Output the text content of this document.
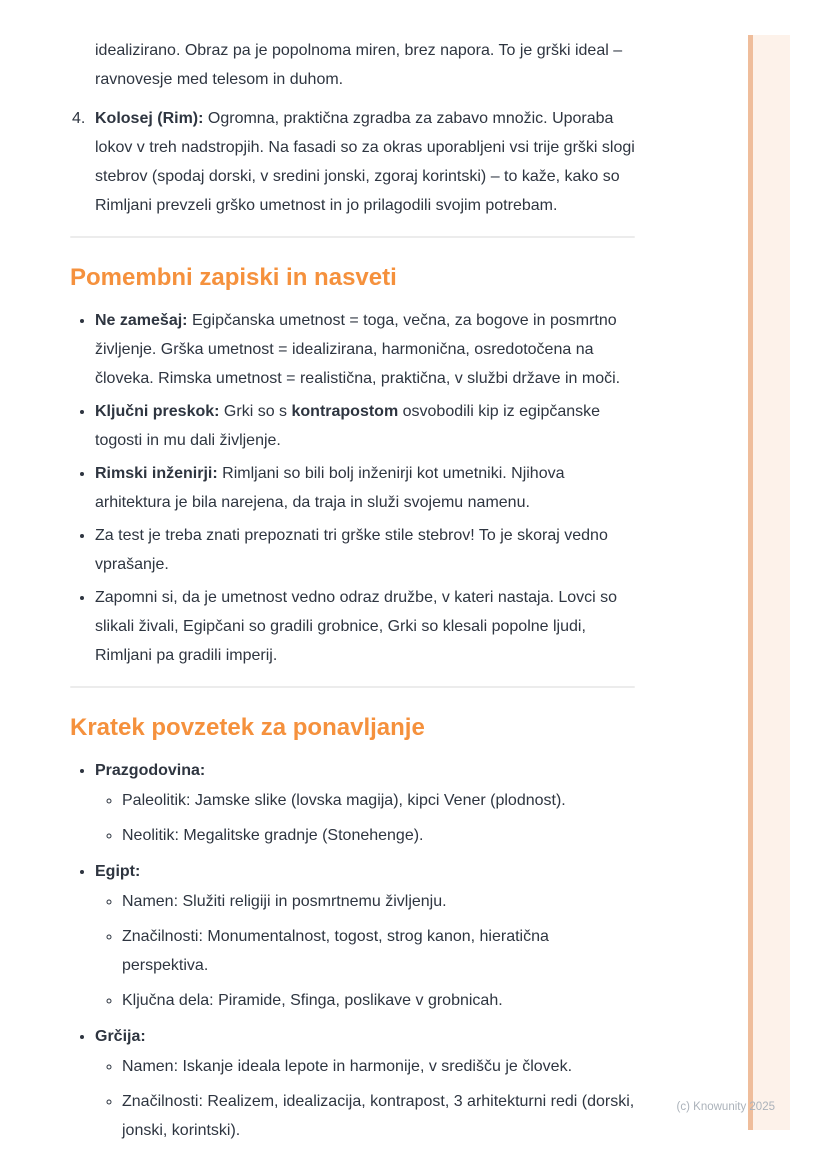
idealizirano. Obraz pa je popolnoma miren, brez napora. To je grški ideal – ravnovesje med telesom in duhom.

4. Kolosej (Rim): Ogromna, praktična zgradba za zabavo množic. Uporaba lokov v treh nadstropjih. Na fasadi so za okras uporabljeni vsi trije grški slogi stebrov (spodaj dorski, v sredini jonski, zgoraj korintski) – to kaže, kako so Rimljani prevzeli grško umetnost in jo prilagodili svojim potrebam.
Pomembni zapiski in nasveti
• Ne zamešaj: Egipčanska umetnost = toga, večna, za bogove in posmrtno življenje. Grška umetnost = idealizirana, harmonična, osredotočena na človeka. Rimska umetnost = realistična, praktična, v službi države in moči.
• Ključni preskok: Grki so s kontrapostom osvobodili kip iz egipčanske togosti in mu dali življenje.
• Rimski inženirji: Rimljani so bili bolj inženirji kot umetniki. Njihova arhitektura je bila narejena, da traja in služi svojemu namenu.
• Za test je treba znati prepoznati tri grške stile stebrov! To je skoraj vedno vprašanje.
• Zapomni si, da je umetnost vedno odraz družbe, v kateri nastaja. Lovci so slikali živali, Egipčani so gradili grobnice, Grki so klesali popolne ljudi, Rimljani pa gradili imperij.
Kratek povzetek za ponavljanje
• Prazgodovina:
◦ Paleolitik: Jamske slike (lovska magija), kipci Vener (plodnost).
◦ Neolitik: Megalitske gradnje (Stonehenge).
• Egipt:
◦ Namen: Služiti religiji in posmrtnemu življenju.
◦ Značilnosti: Monumentalnost, togost, strog kanon, hieratična perspektiva.
◦ Ključna dela: Piramide, Sfinga, poslikave v grobnicah.
• Grčija:
◦ Namen: Iskanje ideala lepote in harmonije, v središču je človek.
◦ Značilnosti: Realizem, idealizacija, kontrapost, 3 arhitekturni redi (dorski, jonski, korintski).
(c) Knowunity 2025
